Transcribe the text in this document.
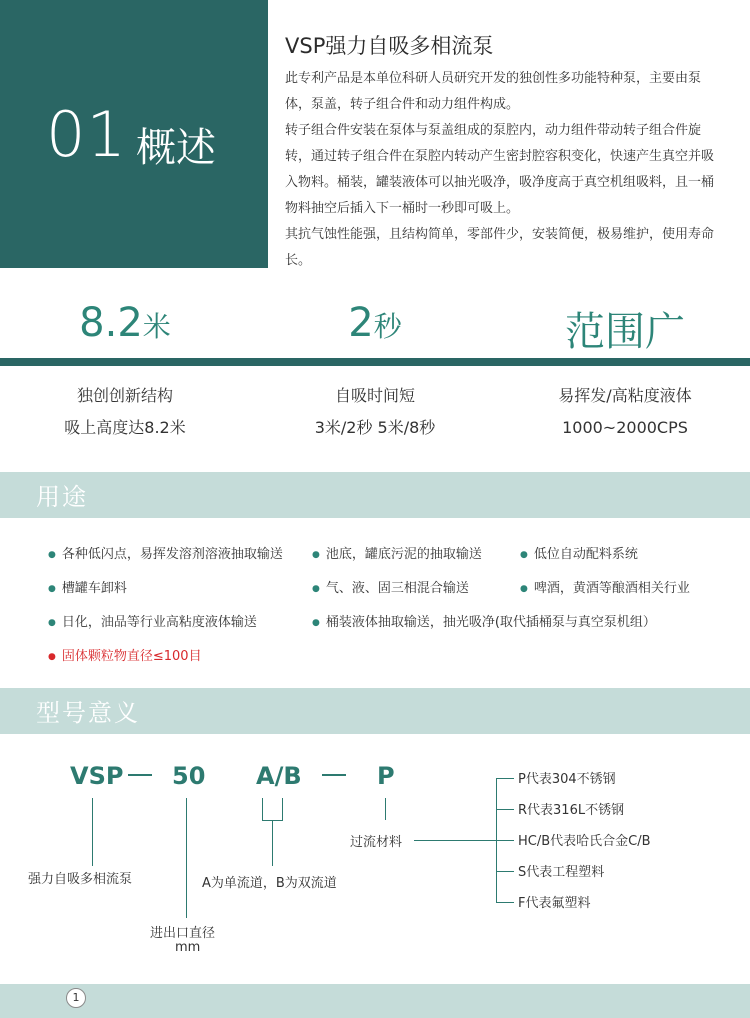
01 概述
VSP强力自吸多相流泵

此专利产品是本单位科研人员研究开发的独创性多功能特种泵，主要由泵体，泵盖，转子组合件和动力组件构成。

转子组合件安装在泵体与泵盖组成的泵腔内，动力组件带动转子组合件旋转，通过转子组合件在泵腔内转动产生密封腔容积变化，快速产生真空并吸入物料。桶装，罐装液体可以抽光吸净，吸净度高于真空机组吸料，且一桶物料抽空后插入下一桶时一秒即可吸上。

其抗气蚀性能强，且结构简单，零部件少，安装简便，极易维护，使用寿命长。

8.2米	2秒	范围广
独创创新结构
吸上高度达8.2米
自吸时间短
3米/2秒 5米/8秒
易挥发/高粘度液体
1000~2000CPS
用途
● 各种低闪点，易挥发溶剂溶液抽取输送	● 池底，罐底污泥的抽取输送	● 低位自动配料系统
● 槽罐车卸料	● 气、液、固三相混合输送	● 啤酒，黄酒等酿酒相关行业
● 日化，油品等行业高粘度液体输送	● 桶装液体抽取输送，抽光吸净(取代插桶泵与真空泵机组）
● 固体颗粒物直径≤100目
型号意义
VSP 50 A/B	P
强力自吸多相流泵
进出口直径
mm
A为单流道，B为双流道
过流材料
P代表304不锈钢
R代表316L不锈钢
HC/B代表哈氏合金C/B
S代表工程塑料
F代表氟塑料
1
